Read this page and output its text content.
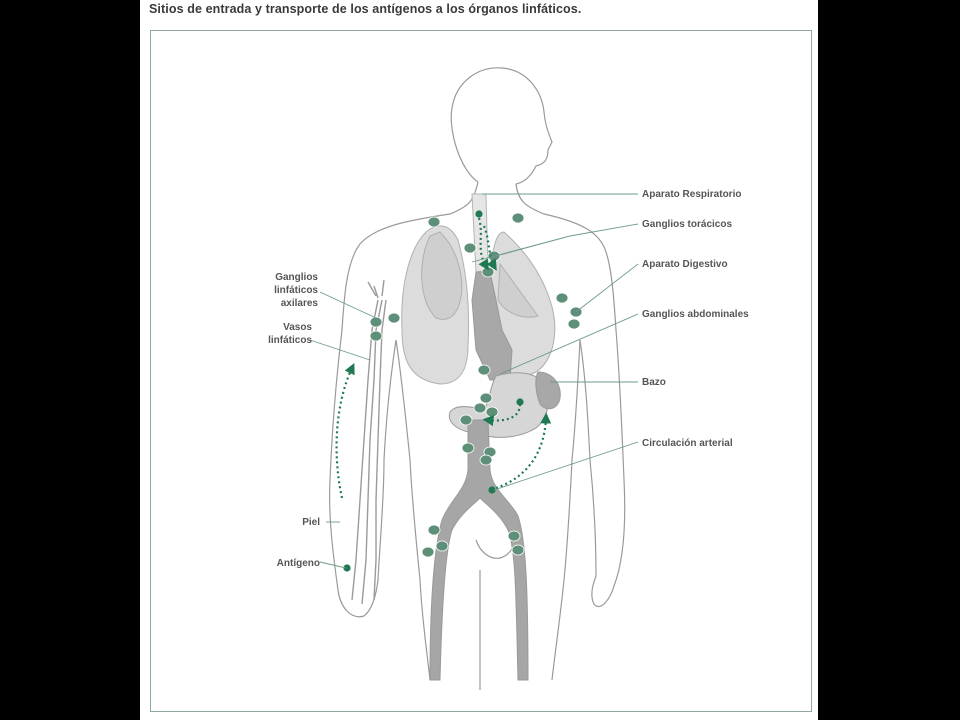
Sitios de entrada y transporte de los antígenos a los órganos linfáticos.
Aparato Respiratorio
Ganglios torácicos
Aparato Digestivo
Ganglios abdominales
Bazo
Circulación arterial
Ganglios
linfáticos
axilares
Vasos
linfáticos
Piel
Antígeno
